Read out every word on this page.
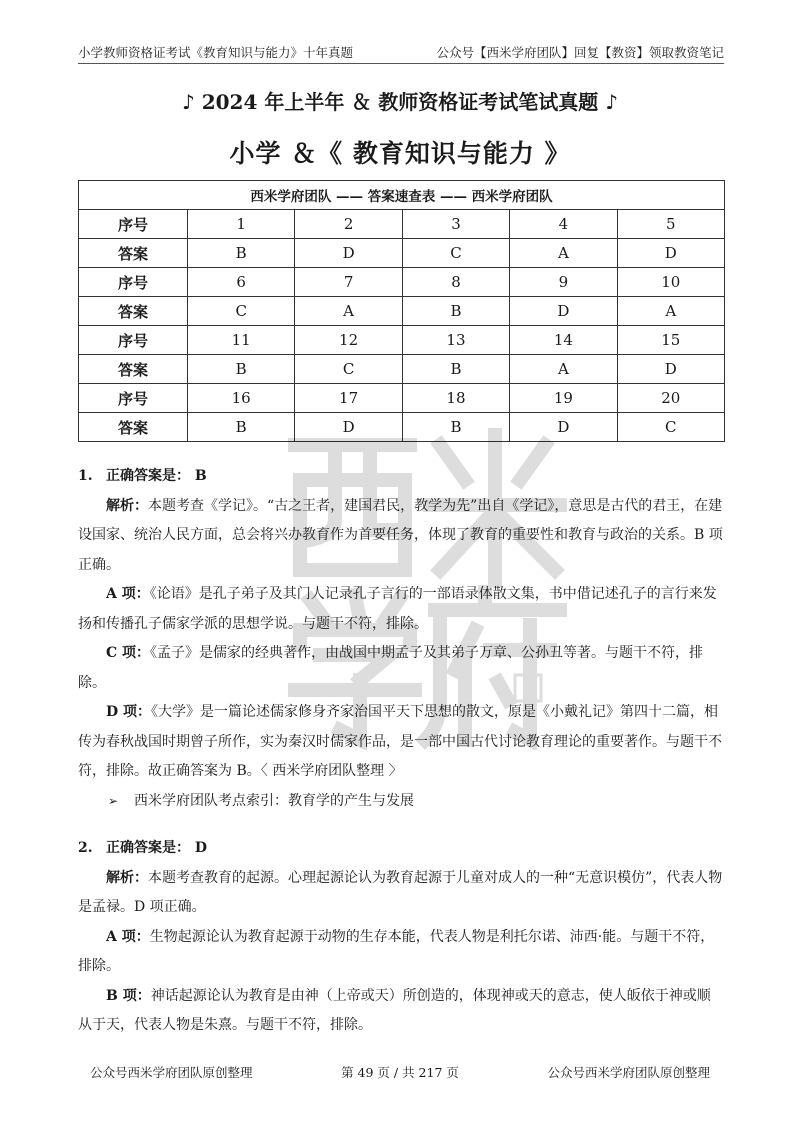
小学教师资格证考试《教育知识与能力》十年真题	公众号【西米学府团队】回复【教资】领取教资笔记
♪ 2024 年上半年 ＆ 教师资格证考试笔试真题 ♪
小学 ＆《 教育知识与能力 》
西米学府团队 —— 答案速查表 —— 西米学府团队					
序号	1	2	3	4	5
答案	B	D	C	A	D
序号	6	7	8	9	10
答案	C	A	B	D	A
序号	11	12	13	14	15
答案	B	C	B	A	D
序号	16	17	18	19	20
答案	B	D	B	D	C

1. 正确答案是： B

解析：本题考查《学记》。“古之王者，建国君民，教学为先”出自《学记》，意思是古代的君王，在建设国家、统治人民方面，总会将兴办教育作为首要任务，体现了教育的重要性和教育与政治的关系。B 项正确。

A 项：《论语》是孔子弟子及其门人记录孔子言行的一部语录体散文集，书中借记述孔子的言行来发扬和传播孔子儒家学派的思想学说。与题干不符，排除。

C 项：《孟子》是儒家的经典著作，由战国中期孟子及其弟子万章、公孙丑等著。与题干不符，排除。

D 项：《大学》是一篇论述儒家修身齐家治国平天下思想的散文，原是《小戴礼记》第四十二篇，相传为春秋战国时期曾子所作，实为秦汉时儒家作品，是一部中国古代讨论教育理论的重要著作。与题干不符，排除。故正确答案为 B。〈 西米学府团队整理 〉

➢ 西米学府团队考点索引：教育学的产生与发展

2. 正确答案是： D

解析：本题考查教育的起源。心理起源论认为教育起源于儿童对成人的一种“无意识模仿”，代表人物是孟禄。D 项正确。

A 项：生物起源论认为教育起源于动物的生存本能，代表人物是利托尔诺、沛西·能。与题干不符，排除。

B 项：神话起源论认为教育是由神（上帝或天）所创造的，体现神或天的意志，使人皈依于神或顺从于天，代表人物是朱熹。与题干不符，排除。

公众号西米学府团队原创整理	第 49 页 / 共 217 页	公众号西米学府团队原创整理
